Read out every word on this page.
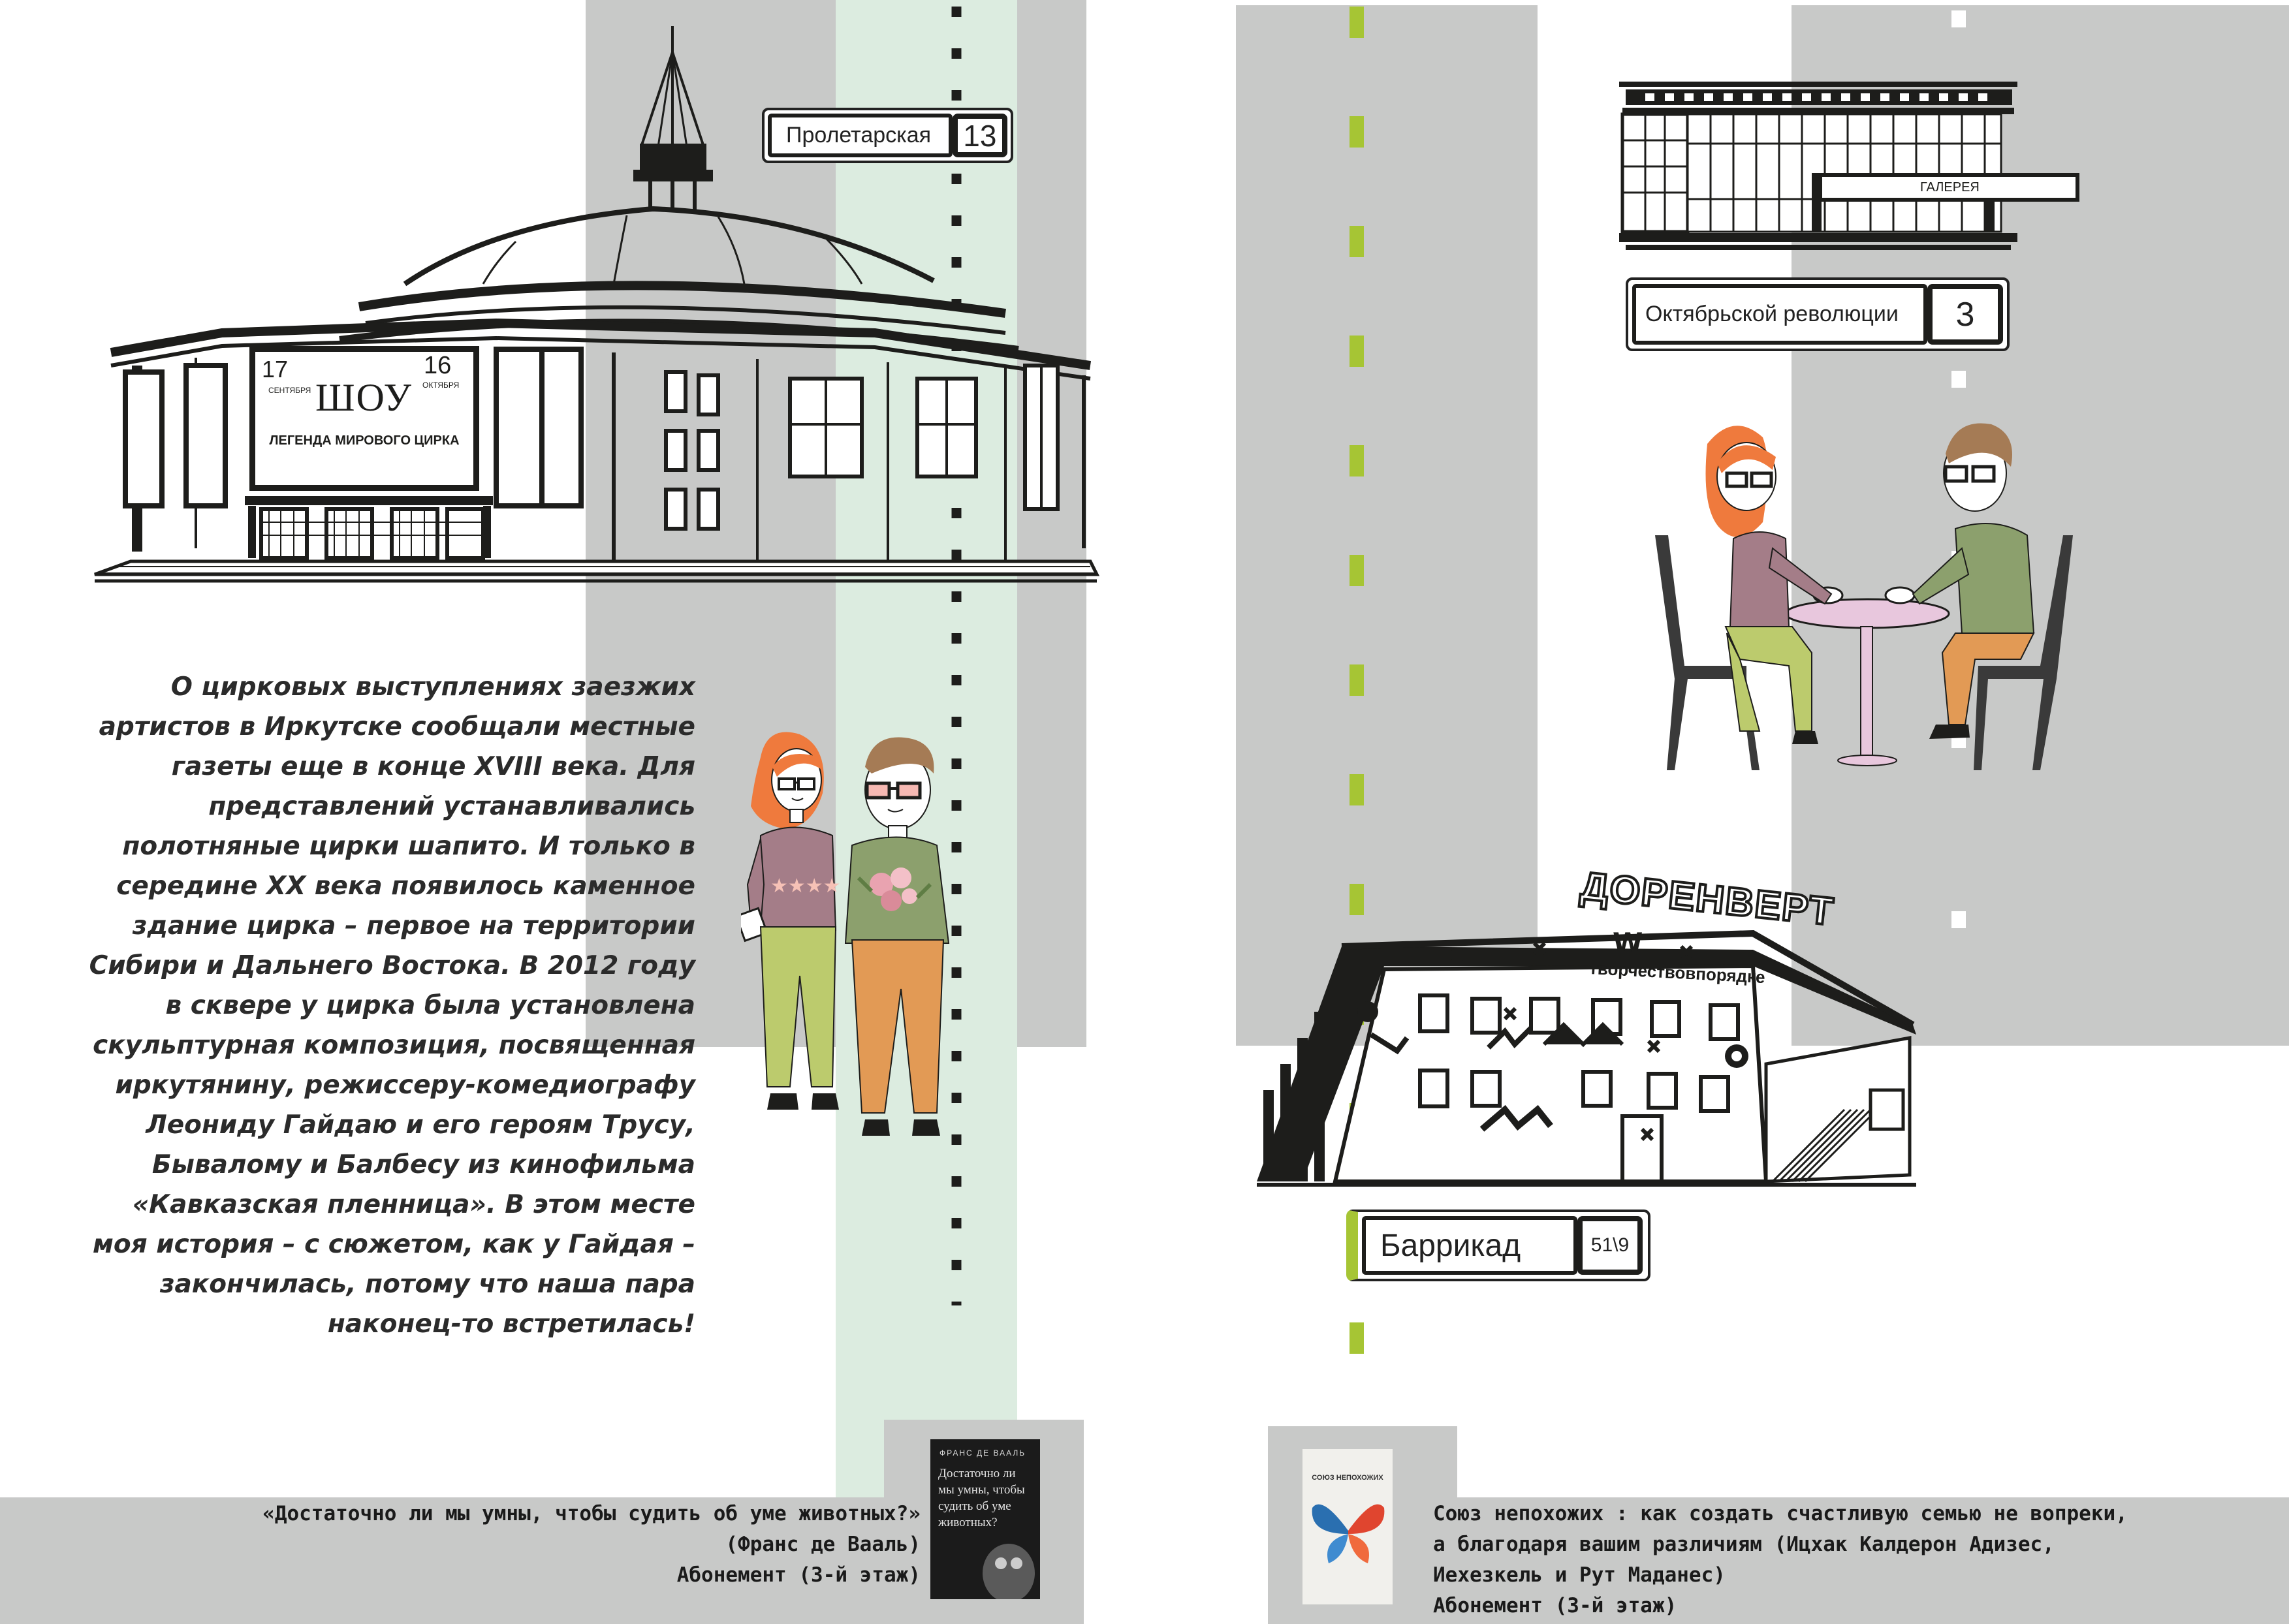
17
СЕНТЯБРЯ
16
ОКТЯБРЯ
ШОУ
ЛЕГЕНДА МИРОВОГО ЦИРКА
Пролетарская	13
★★★★

О цирковых выступлениях заезжих артистов в Иркутске сообщали местные газеты еще в конце XVIII века. Для представлений устанавливались полотняные цирки шапито. И только в середине XX века появилось каменное здание цирка – первое на территории Сибири и Дальнего Востока. В 2012 году в сквере у цирка была установлена скульптурная композиция, посвященная иркутянину, режиссеру-комедиографу Леониду Гайдаю и его героям Трусу, Бывалому и Балбесу из кинофильма «Кавказская пленница». В этом месте моя история – с сюжетом, как у Гайдая – закончилась, потому что наша пара наконец-то встретилась!

ФРАНС ДЕ ВААЛЬ
Достаточно ли мы умны, чтобы судить об уме животных?
«Достаточно ли мы умны, чтобы судить об уме животных?»
(Франс де Вааль)
Абонемент (3-й этаж)
ГАЛЕРЕЯ
Октябрьской революции	3
ДОРЕНВЕРТ
W
творчествовпорядке
Баррикад	51\9
СОЮЗ НЕПОХОЖИХ
Союз непохожих : как создать счастливую семью не вопреки,
а благодаря вашим различиям (Ицхак Калдерон Адизес,
Иехезкель и Рут Маданес)
Абонемент (3-й этаж)
